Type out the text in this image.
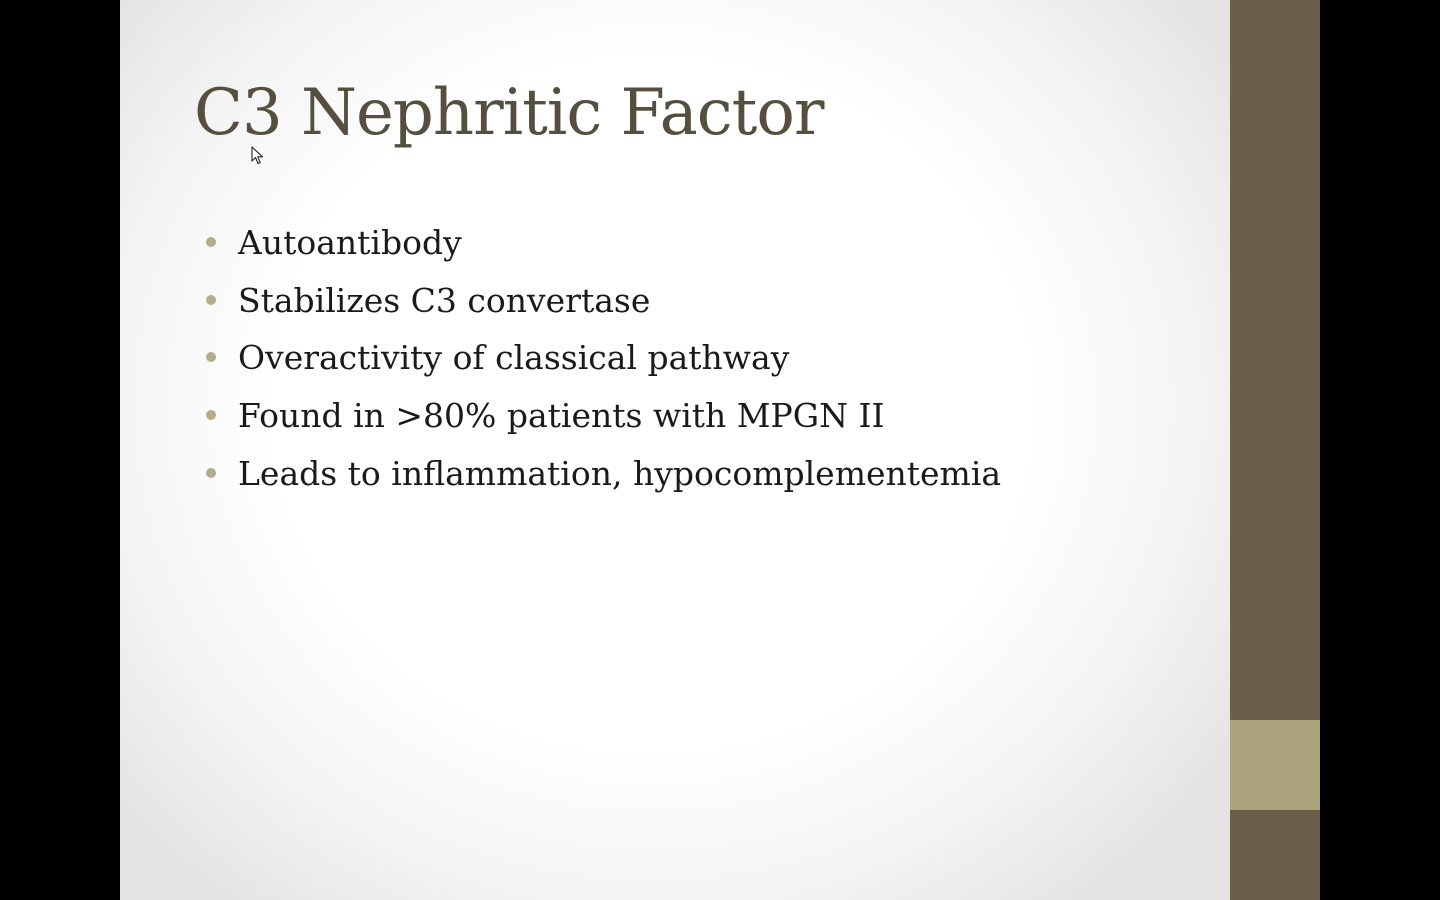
C3 Nephritic Factor
Autoantibody
Stabilizes C3 convertase
Overactivity of classical pathway
Found in >80% patients with MPGN II
Leads to inflammation, hypocomplementemia
